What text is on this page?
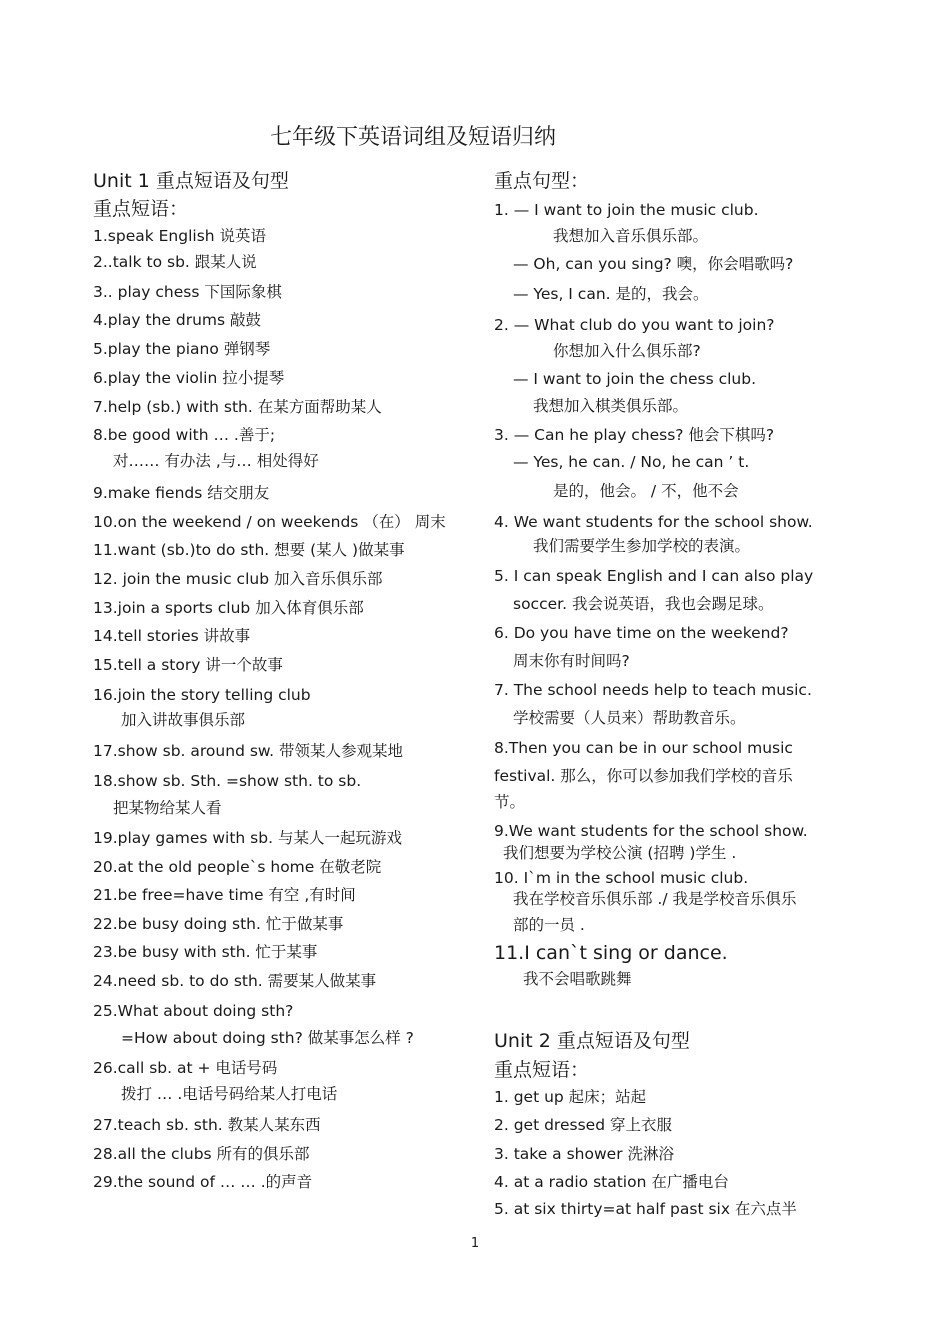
七年级下英语词组及短语归纳
Unit 1 重点短语及句型
重点短语：
1.speak English 说英语
2..talk to sb. 跟某人说
3.. play chess 下国际象棋
4.play the drums 敲鼓
5.play the piano 弹钢琴
6.play the violin 拉小提琴
7.help (sb.) with sth. 在某方面帮助某人
8.be good with … .善于;
对…… 有办法 ,与… 相处得好
9.make fiends 结交朋友
10.on the weekend / on weekends （在） 周末
11.want (sb.)to do sth. 想要 (某人 )做某事
12. join the music club 加入音乐俱乐部
13.join a sports club 加入体育俱乐部
14.tell stories 讲故事
15.tell a story 讲一个故事
16.join the story telling club
加入讲故事俱乐部
17.show sb. around sw. 带领某人参观某地
18.show sb. Sth. =show sth. to sb.
把某物给某人看
19.play games with sb. 与某人一起玩游戏
20.at the old people`s home 在敬老院
21.be free=have time 有空 ,有时间
22.be busy doing sth. 忙于做某事
23.be busy with sth. 忙于某事
24.need sb. to do sth. 需要某人做某事
25.What about doing sth?
=How about doing sth? 做某事怎么样 ?
26.call sb. at + 电话号码
拨打 … .电话号码给某人打电话
27.teach sb. sth. 教某人某东西
28.all the clubs 所有的俱乐部
29.the sound of … … .的声音
重点句型：
1. — I want to join the music club.
我想加入音乐俱乐部。
— Oh, can you sing? 噢，你会唱歌吗?
— Yes, I can. 是的，我会。
2. — What club do you want to join?
你想加入什么俱乐部?
— I want to join the chess club.
我想加入棋类俱乐部。
3. — Can he play chess? 他会下棋吗?
— Yes, he can. / No, he can ’ t.
是的，他会。 / 不，他不会
4. We want students for the school show.
我们需要学生参加学校的表演。
5. I can speak English and I can also play
soccer. 我会说英语，我也会踢足球。
6. Do you have time on the weekend?
周末你有时间吗?
7. The school needs help to teach music.
学校需要（人员来）帮助教音乐。
8.Then you can be in our school music
festival. 那么，你可以参加我们学校的音乐
节。
9.We want students for the school show.
我们想要为学校公演 (招聘 )学生 .
10. I`m in the school music club.
我在学校音乐俱乐部 ./ 我是学校音乐俱乐
部的一员 .
11.I can`t sing or dance.
我不会唱歌跳舞
Unit 2 重点短语及句型
重点短语：
1. get up 起床；站起
2. get dressed 穿上衣服
3. take a shower 洗淋浴
4. at a radio station 在广播电台
5. at six thirty=at half past six 在六点半
1
